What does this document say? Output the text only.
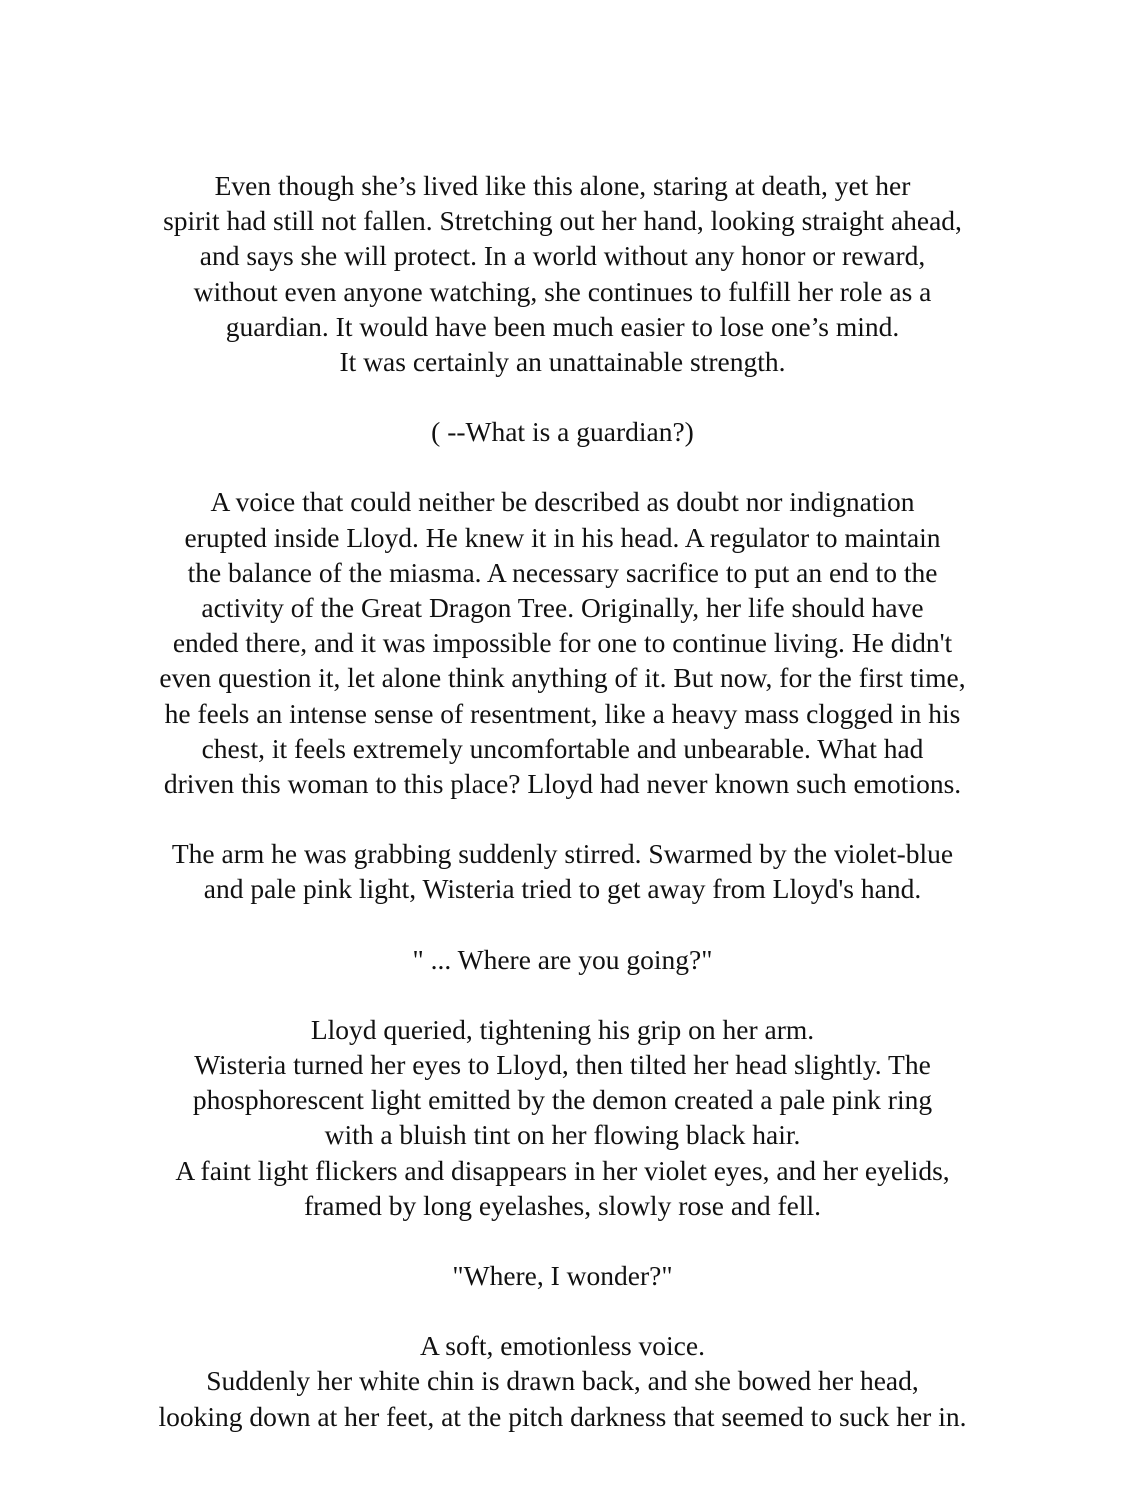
Even though she’s lived like this alone, staring at death, yet her
spirit had still not fallen. Stretching out her hand, looking straight ahead,
and says she will protect. In a world without any honor or reward,
without even anyone watching, she continues to fulfill her role as a
guardian. It would have been much easier to lose one’s mind.
It was certainly an unattainable strength.

( --What is a guardian?)

A voice that could neither be described as doubt nor indignation
erupted inside Lloyd. He knew it in his head. A regulator to maintain
the balance of the miasma. A necessary sacrifice to put an end to the
activity of the Great Dragon Tree. Originally, her life should have
ended there, and it was impossible for one to continue living. He didn't
even question it, let alone think anything of it. But now, for the first time,
he feels an intense sense of resentment, like a heavy mass clogged in his
chest, it feels extremely uncomfortable and unbearable. What had
driven this woman to this place? Lloyd had never known such emotions.

The arm he was grabbing suddenly stirred. Swarmed by the violet-blue
and pale pink light, Wisteria tried to get away from Lloyd's hand.

" ... Where are you going?"

Lloyd queried, tightening his grip on her arm.
Wisteria turned her eyes to Lloyd, then tilted her head slightly. The
phosphorescent light emitted by the demon created a pale pink ring
with a bluish tint on her flowing black hair.
A faint light flickers and disappears in her violet eyes, and her eyelids,
framed by long eyelashes, slowly rose and fell.

"Where, I wonder?"

A soft, emotionless voice.
Suddenly her white chin is drawn back, and she bowed her head,
looking down at her feet, at the pitch darkness that seemed to suck her in.
